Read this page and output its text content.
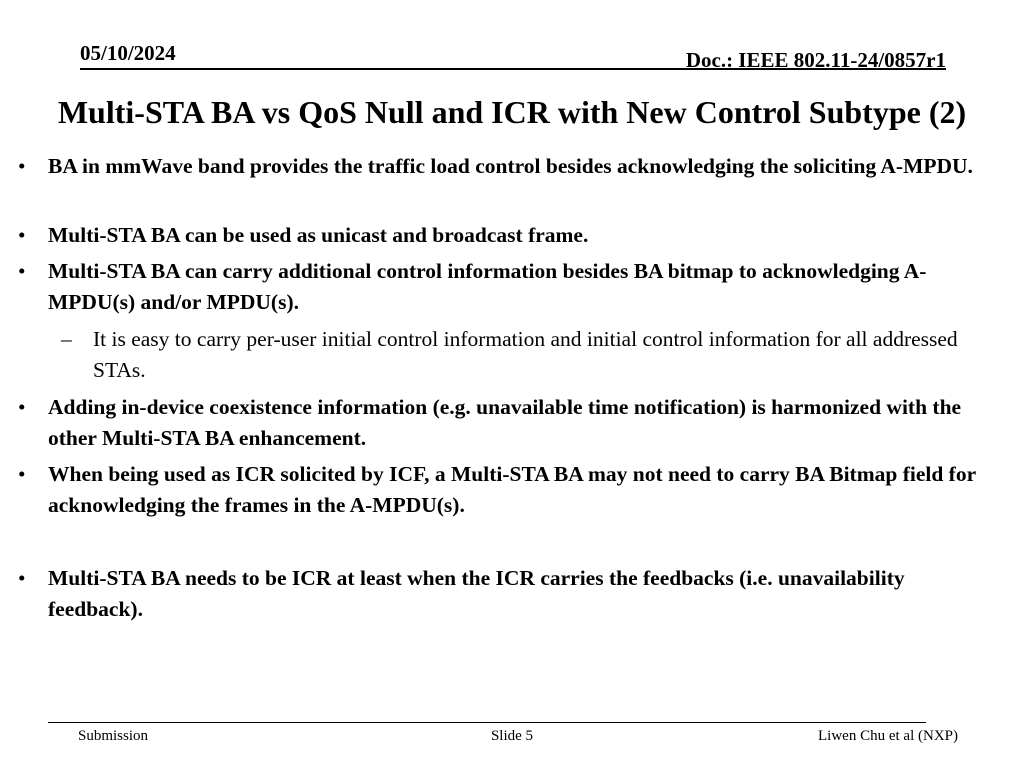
05/10/2024	Doc.: IEEE 802.11-24/0857r1
Multi-STA BA vs QoS Null and ICR with New Control Subtype (2)
• BA in mmWave band provides the traffic load control besides acknowledging the soliciting A-MPDU.
• Multi-STA BA can be used as unicast and broadcast frame.
• Multi-STA BA can carry additional control information besides BA bitmap to acknowledging A-MPDU(s) and/or MPDU(s).
– It is easy to carry per-user initial control information and initial control information for all addressed STAs.
• Adding in-device coexistence information (e.g. unavailable time notification) is harmonized with the other Multi-STA BA enhancement.
• When being used as ICR solicited by ICF, a Multi-STA BA may not need to carry BA Bitmap field for acknowledging the frames in the A-MPDU(s).
• Multi-STA BA needs to be ICR at least when the ICR carries the feedbacks (i.e. unavailability feedback).
Submission	Slide 5	Liwen Chu et al (NXP)
